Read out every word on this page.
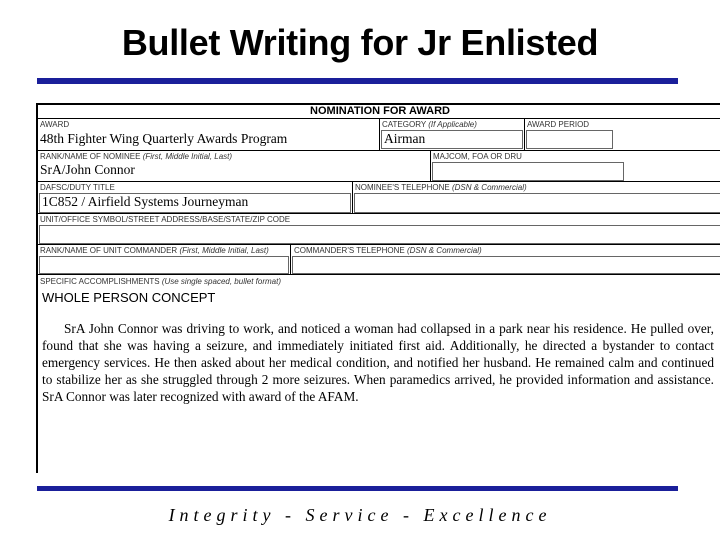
Bullet Writing for Jr Enlisted
NOMINATION FOR AWARD
AWARD
48th Fighter Wing Quarterly Awards Program
CATEGORY (If Applicable)
Airman
AWARD PERIOD
RANK/NAME OF NOMINEE (First, Middle Initial, Last)
SrA/John Connor
MAJCOM, FOA OR DRU
DAFSC/DUTY TITLE
1C852 / Airfield Systems Journeyman
NOMINEE'S TELEPHONE (DSN & Commercial)
UNIT/OFFICE SYMBOL/STREET ADDRESS/BASE/STATE/ZIP CODE
RANK/NAME OF UNIT COMMANDER (First, Middle Initial, Last)	COMMANDER'S TELEPHONE (DSN & Commercial)
SPECIFIC ACCOMPLISHMENTS (Use single spaced, bullet format)
WHOLE PERSON CONCEPT
SrA John Connor was driving to work, and noticed a woman had collapsed in a park near his residence. He pulled over, found that she was having a seizure, and immediately initiated first aid. Additionally, he directed a bystander to contact emergency services. He then asked about her medical condition, and notified her husband. He remained calm and continued to stabilize her as she struggled through 2 more seizures. When paramedics arrived, he provided information and assistance. SrA Connor was later recognized with award of the AFAM.
Integrity - Service - Excellence
